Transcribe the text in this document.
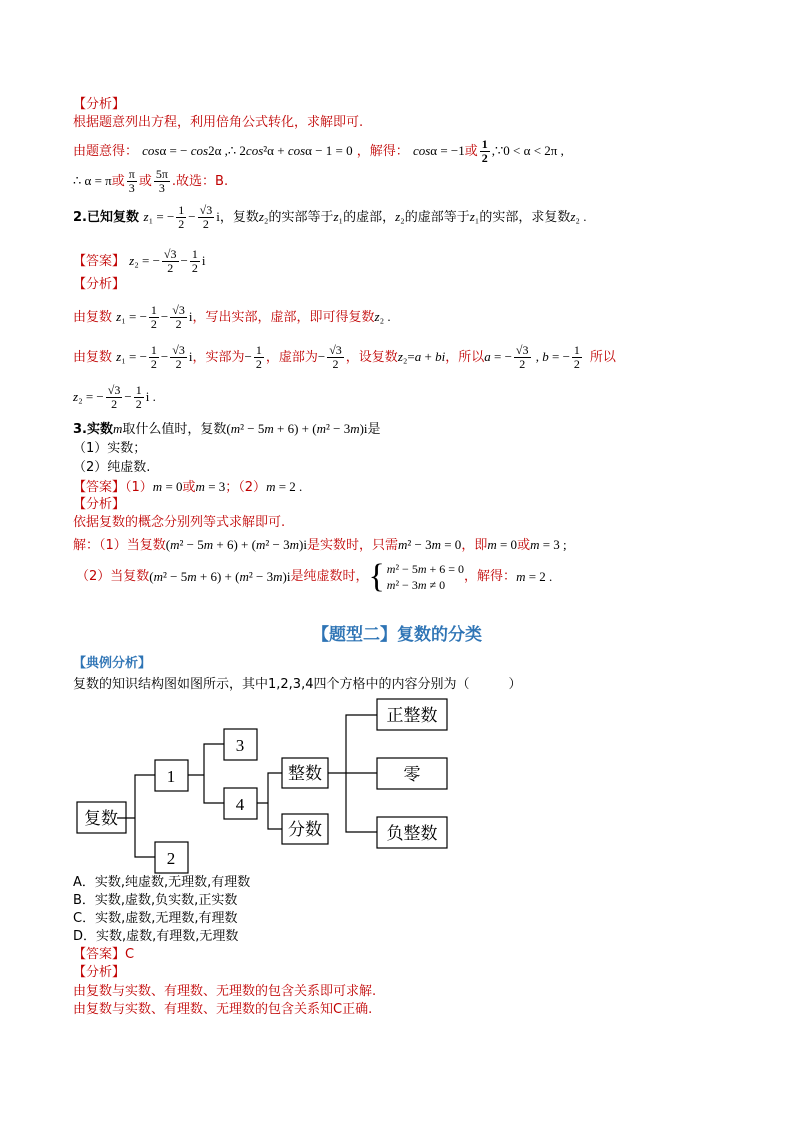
【分析】
根据题意列出方程，利用倍角公式转化，求解即可.
由题意得： cosα = − cos2α ,∴ 2cos²α + cosα − 1 = 0 ，解得： cosα = −1或 $\frac{1}{2}$ ,∵0 < α < 2π ,
∴ α = π或 $\frac{\pi}{3}$ 或 $\frac{5\pi}{3}$ .故选：B.
2.已知复数 z₁ = − $\frac{1}{2} - \frac{√3}{2}$ i，复数z₂的实部等于z₁的虚部，z₂的虚部等于z₁的实部，求复数z₂ .
【答案】 z₂ = − $\frac{√3}{2} - \frac{1}{2}$ i
【分析】
由复数 z₁ = − $\frac{1}{2} - \frac{√3}{2}$ i，写出实部，虚部，即可得复数z₂ .
由复数 z₁ = − $\frac{1}{2} - \frac{√3}{2}$ i，实部为− $\frac{1}{2}$ ，虚部为− $\frac{√3}{2}$ ，设复数z₂=a + bi，所以a = − $\frac{√3}{2}$ , b = − $\frac{1}{2}$ 所以
z₂ = − $\frac{√3}{2} - \frac{1}{2}$ i .
3.实数m取什么值时，复数(m² − 5m + 6) + (m² − 3m)i是
（1）实数；
（2）纯虚数.
【答案】（1）m = 0或m = 3；（2）m = 2 .
【分析】
依据复数的概念分别列等式求解即可.
解：（1）当复数(m² − 5m + 6) + (m² − 3m)i是实数时，只需m² − 3m = 0，即m = 0或m = 3 ;
（2）当复数(m² − 5m + 6) + (m² − 3m)i是纯虚数时，{ m² − 5m + 6 = 0
m² − 3m ≠ 0
，解得：m = 2 .
【题型二】复数的分类
【典例分析】
复数的知识结构图如图所示，其中1,2,3,4四个方格中的内容分别为（　　　）
复数
1
2
3
4
整数
分数
正整数
零
负整数
A．实数,纯虚数,无理数,有理数
B．实数,虚数,负实数,正实数
C．实数,虚数,无理数,有理数
D．实数,虚数,有理数,无理数
【答案】C
【分析】
由复数与实数、有理数、无理数的包含关系即可求解.
由复数与实数、有理数、无理数的包含关系知C正确.
